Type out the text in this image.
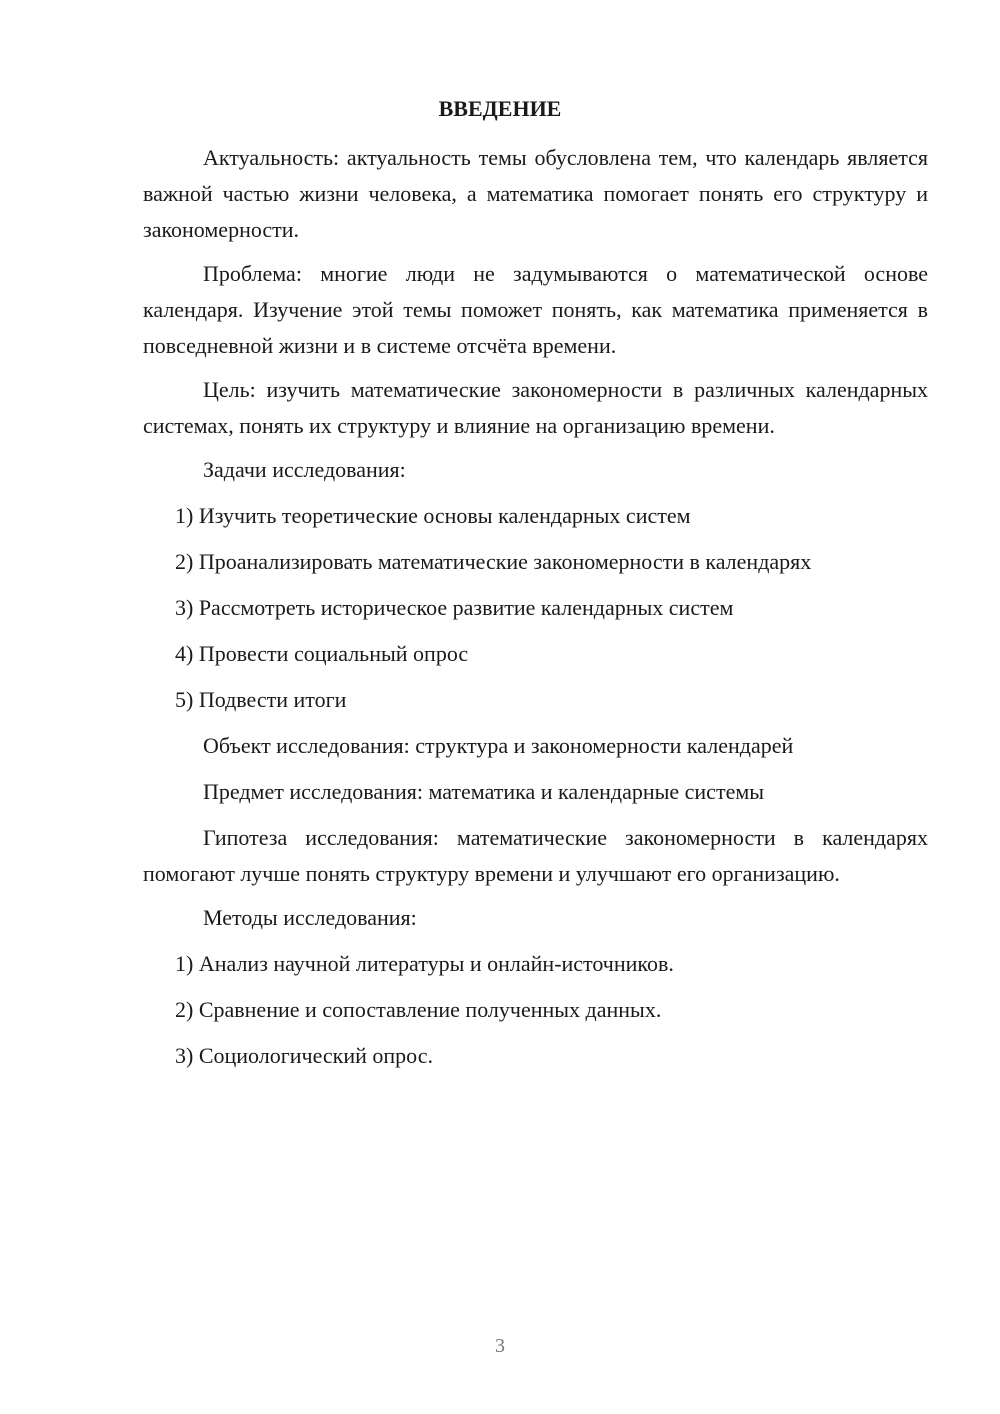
ВВЕДЕНИЕ

Актуальность: актуальность темы обусловлена тем, что календарь является важной частью жизни человека, а математика помогает понять его структуру и закономерности.

Проблема: многие люди не задумываются о математической основе календаря. Изучение этой темы поможет понять, как математика применяется в повседневной жизни и в системе отсчёта времени.

Цель: изучить математические закономерности в различных календарных системах, понять их структуру и влияние на организацию времени.

Задачи исследования:

1) Изучить теоретические основы календарных систем
2) Проанализировать математические закономерности в календарях
3) Рассмотреть историческое развитие календарных систем
4) Провести социальный опрос
5) Подвести итоги

Объект исследования: структура и закономерности календарей

Предмет исследования: математика и календарные системы

Гипотеза исследования: математические закономерности в календарях помогают лучше понять структуру времени и улучшают его организацию.

Методы исследования:

1) Анализ научной литературы и онлайн-источников.
2) Сравнение и сопоставление полученных данных.
3) Социологический опрос.
3
